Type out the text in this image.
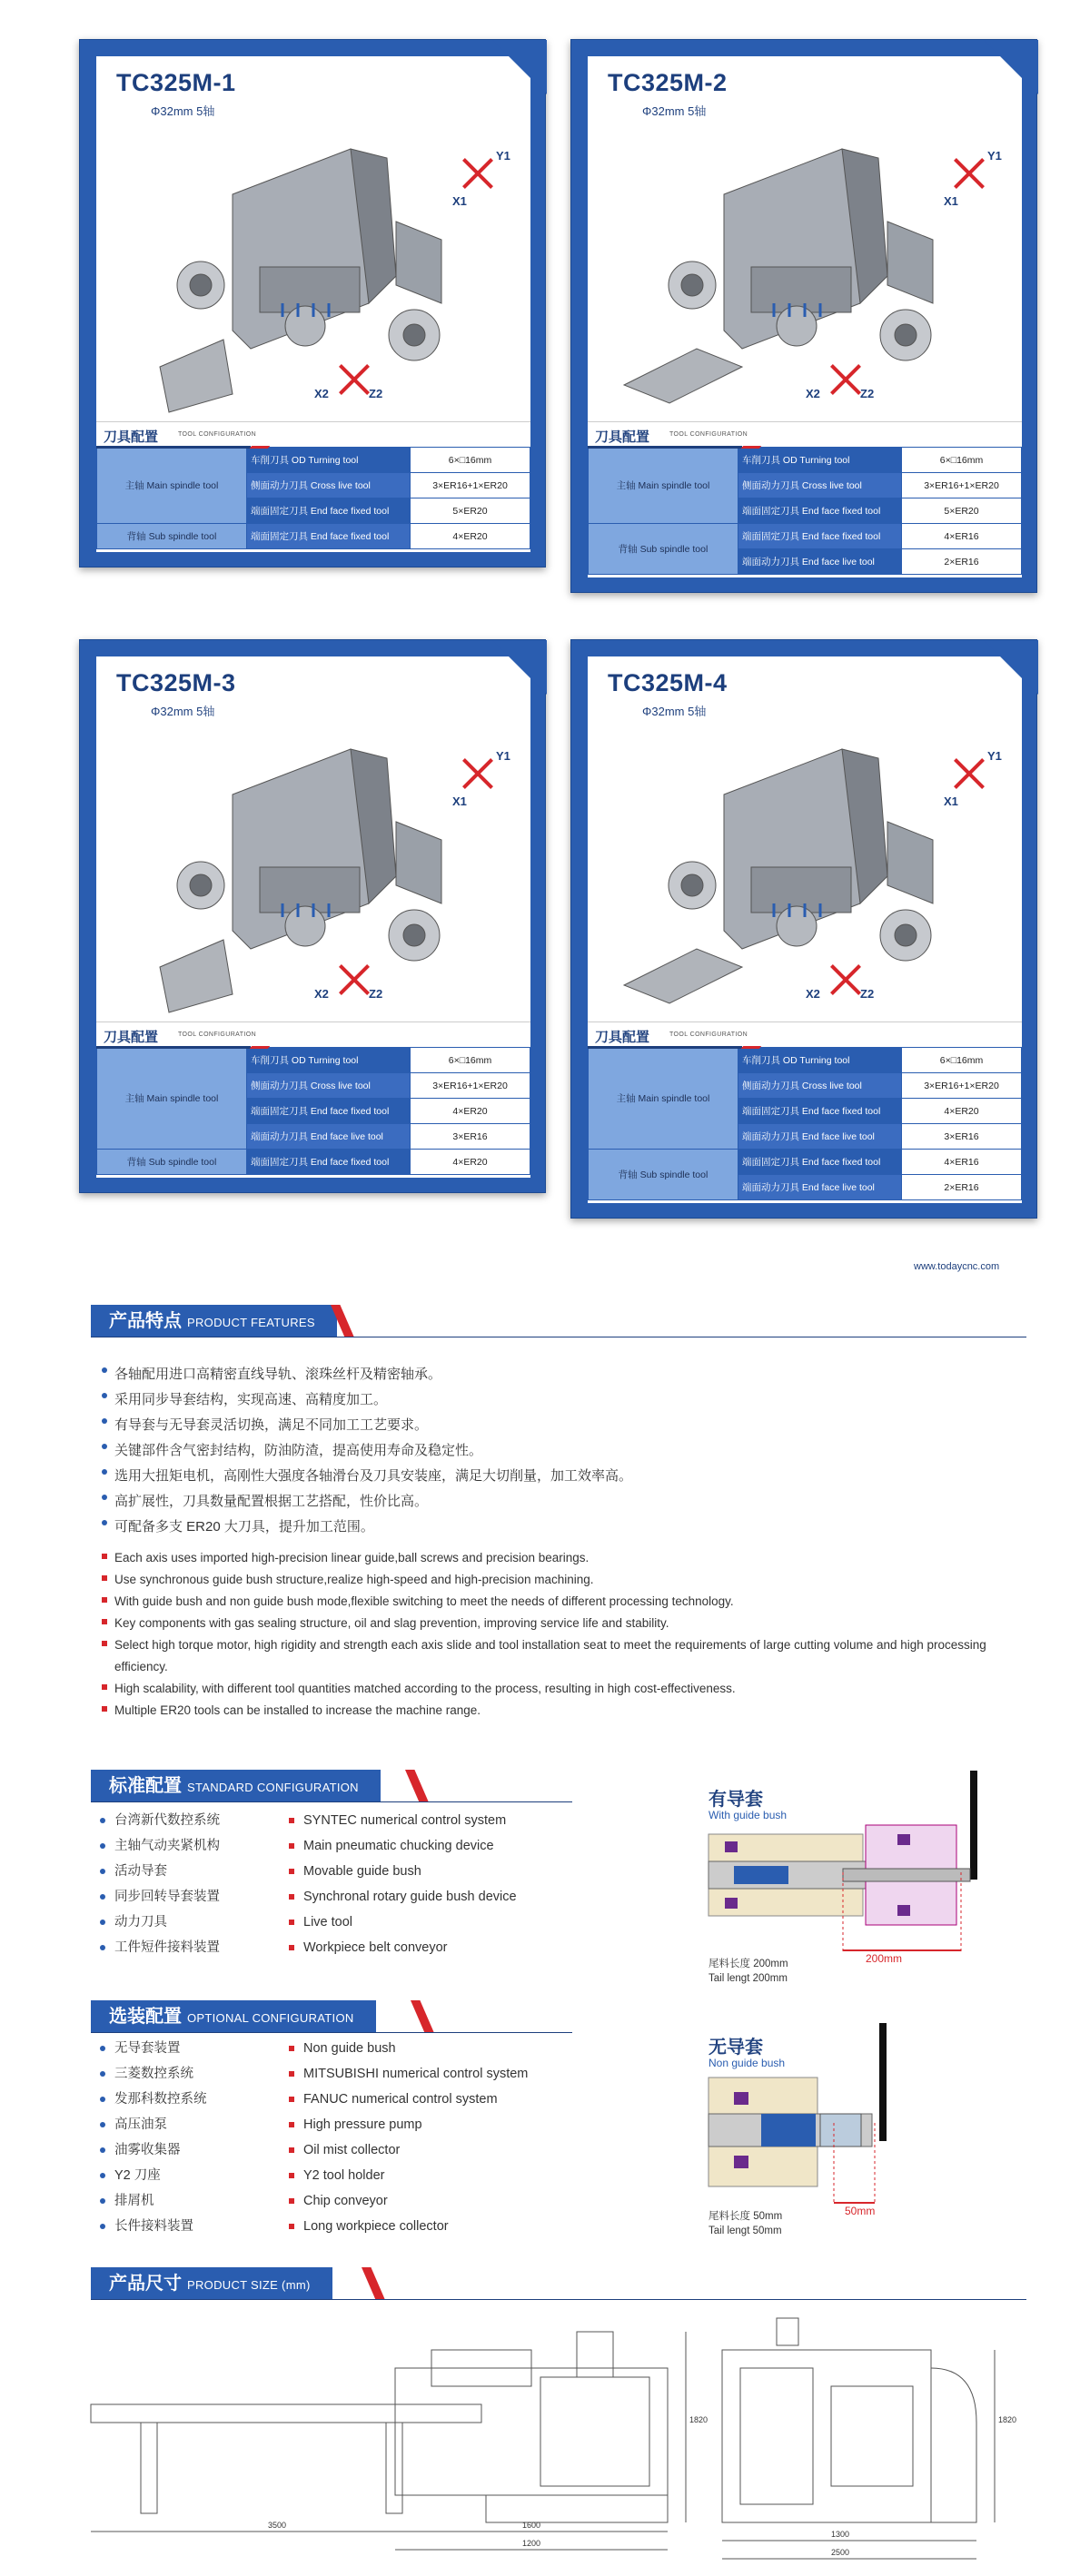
TC325M-1
Φ32mm 5轴
Y1
X1
X2	Z2
刀具配置	TOOL CONFIGURATION
主轴 Main spindle tool	车削刀具 OD Turning tool	6×□16mm
	侧面动力刀具 Cross live tool	3×ER16+1×ER20
	端面固定刀具 End face fixed tool	5×ER20
背轴 Sub spindle tool	端面固定刀具 End face fixed tool	4×ER20
TC325M-2
Φ32mm 5轴
Y1
X1
X2	Z2
刀具配置	TOOL CONFIGURATION
主轴 Main spindle tool	车削刀具 OD Turning tool	6×□16mm
	侧面动力刀具 Cross live tool	3×ER16+1×ER20
	端面固定刀具 End face fixed tool	5×ER20
背轴 Sub spindle tool	端面固定刀具 End face fixed tool	4×ER16
	端面动力刀具 End face live tool	2×ER16
TC325M-3
Φ32mm 5轴
Y1
X1
X2	Z2
刀具配置	TOOL CONFIGURATION
主轴 Main spindle tool	车削刀具 OD Turning tool	6×□16mm
	侧面动力刀具 Cross live tool	3×ER16+1×ER20
	端面固定刀具 End face fixed tool	4×ER20
	端面动力刀具 End face live tool	3×ER16
背轴 Sub spindle tool	端面固定刀具 End face fixed tool	4×ER20
TC325M-4
Φ32mm 5轴
Y1
X1
X2	Z2
刀具配置	TOOL CONFIGURATION
主轴 Main spindle tool	车削刀具 OD Turning tool	6×□16mm
	侧面动力刀具 Cross live tool	3×ER16+1×ER20
	端面固定刀具 End face fixed tool	4×ER20
	端面动力刀具 End face live tool	3×ER16
背轴 Sub spindle tool	端面固定刀具 End face fixed tool	4×ER16
	端面动力刀具 End face live tool	2×ER16
www.todaycnc.com
产品特点 PRODUCT FEATURES
各轴配用进口高精密直线导轨、滚珠丝杆及精密轴承。
采用同步导套结构，实现高速、高精度加工。
有导套与无导套灵活切换，满足不同加工工艺要求。
关键部件含气密封结构，防油防渣，提高使用寿命及稳定性。
选用大扭矩电机，高刚性大强度各轴滑台及刀具安装座，满足大切削量，加工效率高。
高扩展性，刀具数量配置根据工艺搭配，性价比高。
可配备多支 ER20 大刀具，提升加工范围。
Each axis uses imported high-precision linear guide,ball screws and precision bearings.
Use synchronous guide bush structure,realize high-speed and high-precision machining.
With guide bush and non guide bush mode,flexible switching to meet the needs of different processing technology.
Key components with gas sealing structure, oil and slag prevention, improving service life and stability.
Select high torque motor, high rigidity and strength each axis slide and tool installation seat to meet the requirements of large cutting volume and high processing efficiency.
High scalability, with different tool quantities matched according to the process, resulting in high cost-effectiveness.
Multiple ER20 tools can be installed to increase the machine range.
标准配置 STANDARD CONFIGURATION
台湾新代数控系统
主轴气动夹紧机构
活动导套
同步回转导套装置
动力刀具
工件短件接料装置
SYNTEC numerical control system
Main pneumatic chucking device
Movable guide bush
Synchronal rotary guide bush device
Live tool
Workpiece belt conveyor
选装配置 OPTIONAL CONFIGURATION
无导套装置
三菱数控系统
发那科数控系统
高压油泵
油雾收集器
Y2 刀座
排屑机
长件接料装置
Non guide bush
MITSUBISHI numerical control system
FANUC numerical control system
High pressure pump
Oil mist collector
Y2 tool holder
Chip conveyor
Long workpiece collector
有导套
With guide bush
200mm
尾料长度 200mm
Tail lengt 200mm
无导套
Non guide bush
50mm
尾料长度 50mm
Tail lengt 50mm
产品尺寸 PRODUCT SIZE (mm)
3500	1600
1200
1820	1820
2500
1300
